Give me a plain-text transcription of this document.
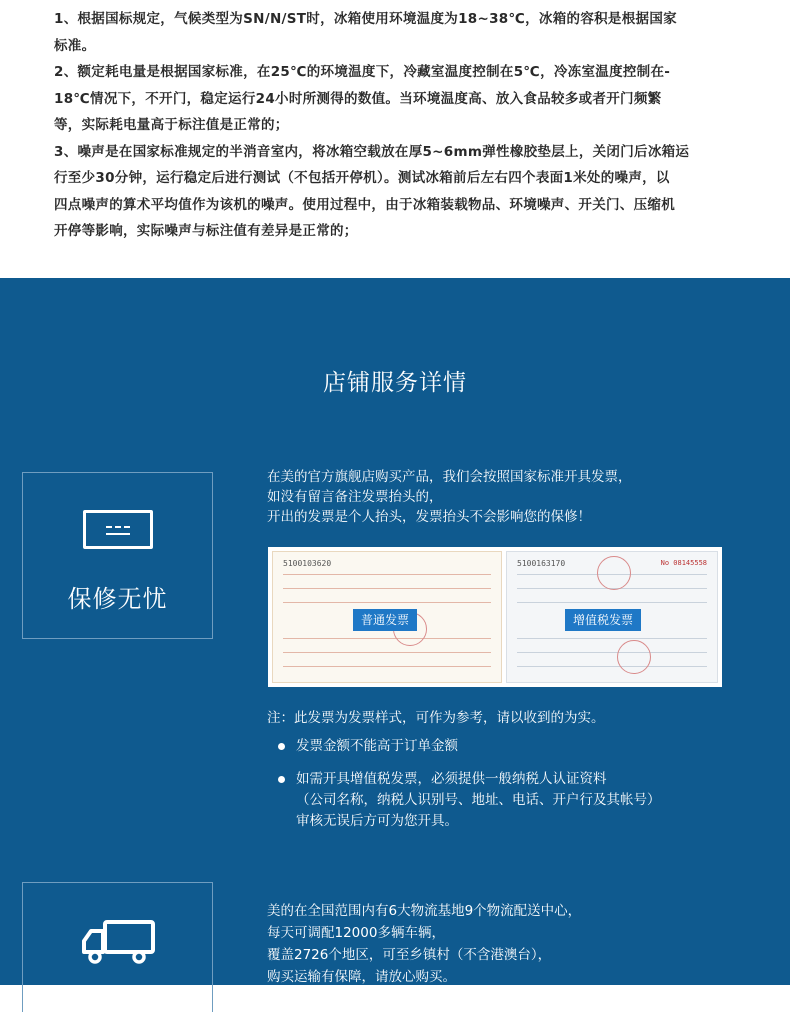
1、根据国标规定，气候类型为SN/N/ST时，冰箱使用环境温度为18~38℃，冰箱的容积是根据国家

标准。

2、额定耗电量是根据国家标准，在25℃的环境温度下，冷藏室温度控制在5℃，冷冻室温度控制在-

18℃情况下，不开门，稳定运行24小时所测得的数值。当环境温度高、放入食品较多或者开门频繁

等，实际耗电量高于标注值是正常的；

3、噪声是在国家标准规定的半消音室内，将冰箱空载放在厚5~6mm弹性橡胶垫层上，关闭门后冰箱运

行至少30分钟，运行稳定后进行测试（不包括开停机）。测试冰箱前后左右四个表面1米处的噪声，以

四点噪声的算术平均值作为该机的噪声。使用过程中，由于冰箱装载物品、环境噪声、开关门、压缩机

开停等影响，实际噪声与标注值有差异是正常的；

店铺服务详情
保修无忧
在美的官方旗舰店购买产品，我们会按照国家标准开具发票，
如没有留言备注发票抬头的，
开出的发票是个人抬头，发票抬头不会影响您的保修！
5100103620
普通发票
5100163170	No 08145558
增值税发票
注：此发票为发票样式，可作为参考，请以收到的为实。
发票金额不能高于订单金额
如需开具增值税发票，必须提供一般纳税人认证资料
（公司名称，纳税人识别号、地址、电话、开户行及其帐号）
审核无误后方可为您开具。
美的在全国范围内有6大物流基地9个物流配送中心，
每天可调配12000多辆车辆，
覆盖2726个地区，可至乡镇村（不含港澳台），
购买运输有保障，请放心购买。
